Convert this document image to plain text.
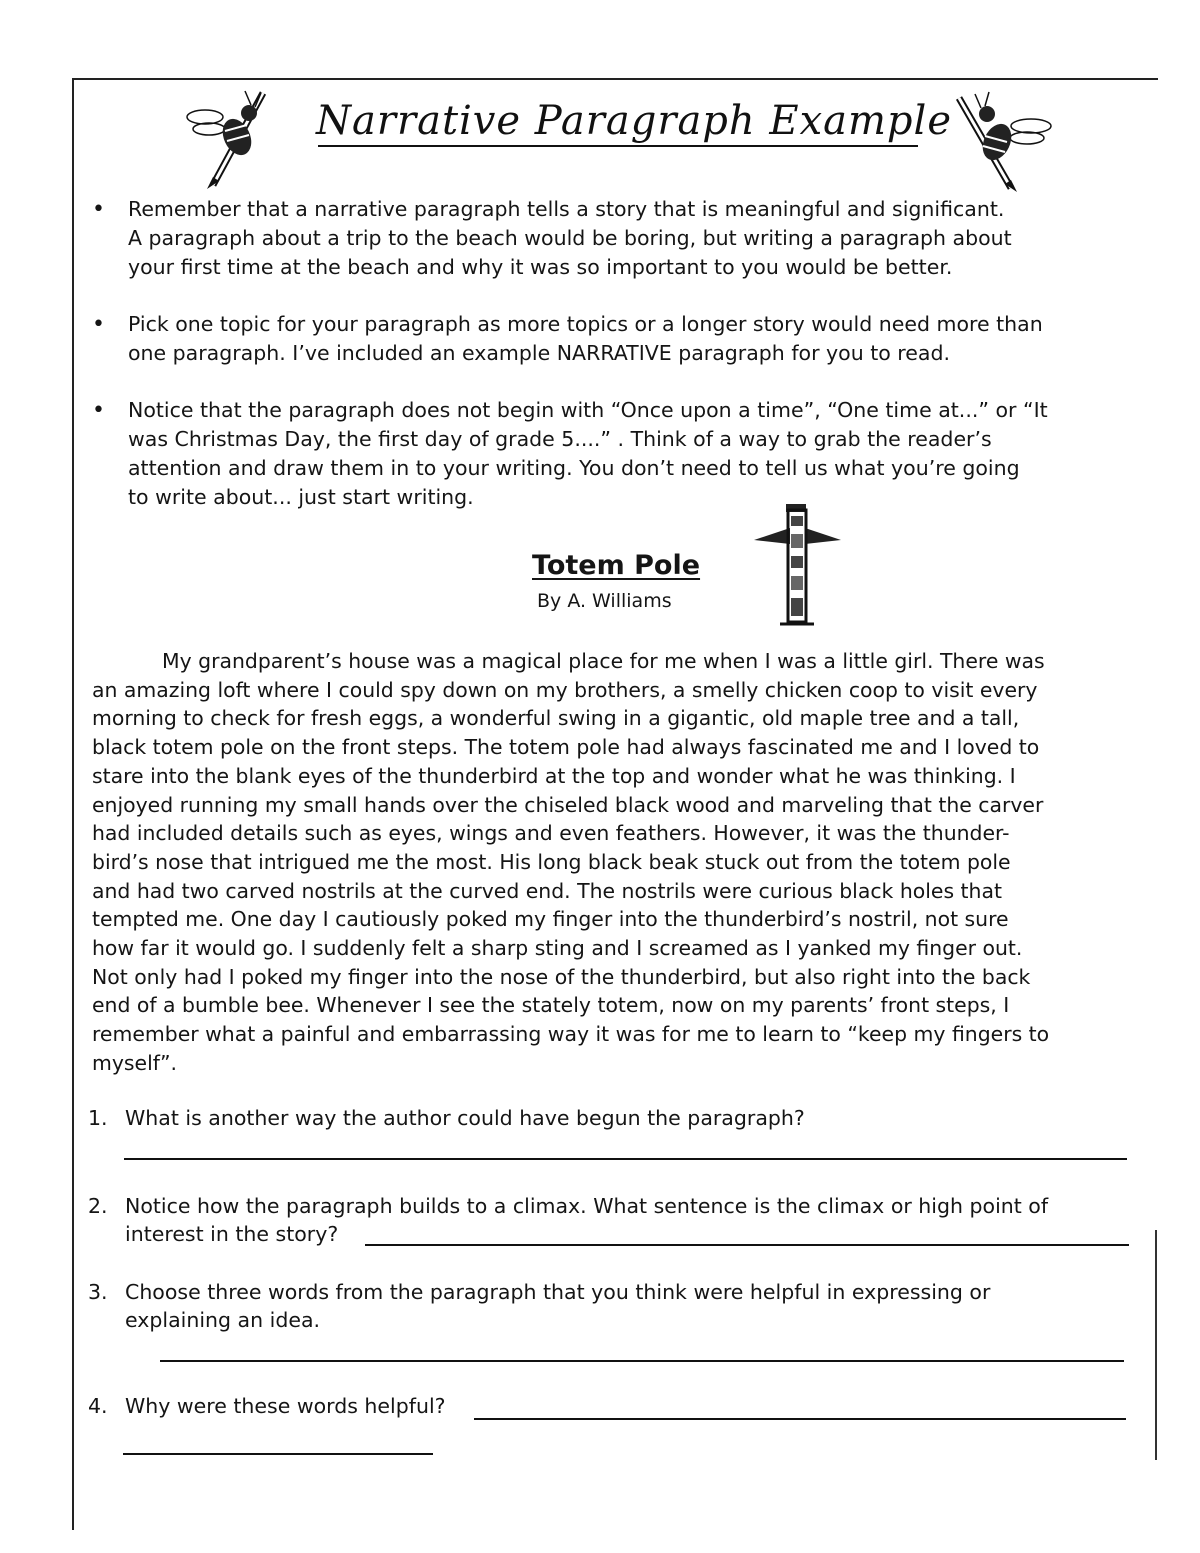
Narrative Paragraph Example
•	Remember that a narrative paragraph tells a story that is meaningful and significant.
A paragraph about a trip to the beach would be boring, but writing a paragraph about
your first time at the beach and why it was so important to you would be better.
•	Pick one topic for your paragraph as more topics or a longer story would need more than
one paragraph. I’ve included an example NARRATIVE paragraph for you to read.
•	Notice that the paragraph does not begin with “Once upon a time”, “One time at...” or “It
was Christmas Day, the first day of grade 5....” . Think of a way to grab the reader’s
attention and draw them in to your writing. You don’t need to tell us what you’re going
to write about... just start writing.
Totem Pole
By A. Williams
My grandparent’s house was a magical place for me when I was a little girl. There was
an amazing loft where I could spy down on my brothers, a smelly chicken coop to visit every
morning to check for fresh eggs, a wonderful swing in a gigantic, old maple tree and a tall,
black totem pole on the front steps. The totem pole had always fascinated me and I loved to
stare into the blank eyes of the thunderbird at the top and wonder what he was thinking. I
enjoyed running my small hands over the chiseled black wood and marveling that the carver
had included details such as eyes, wings and even feathers. However, it was the thunder-
bird’s nose that intrigued me the most. His long black beak stuck out from the totem pole
and had two carved nostrils at the curved end. The nostrils were curious black holes that
tempted me. One day I cautiously poked my finger into the thunderbird’s nostril, not sure
how far it would go. I suddenly felt a sharp sting and I screamed as I yanked my finger out.
Not only had I poked my finger into the nose of the thunderbird, but also right into the back
end of a bumble bee. Whenever I see the stately totem, now on my parents’ front steps, I
remember what a painful and embarrassing way it was for me to learn to “keep my fingers to
myself”.
1. What is another way the author could have begun the paragraph?
2. Notice how the paragraph builds to a climax. What sentence is the climax or high point of
interest in the story?
3. Choose three words from the paragraph that you think were helpful in expressing or
explaining an idea.
4. Why were these words helpful?
